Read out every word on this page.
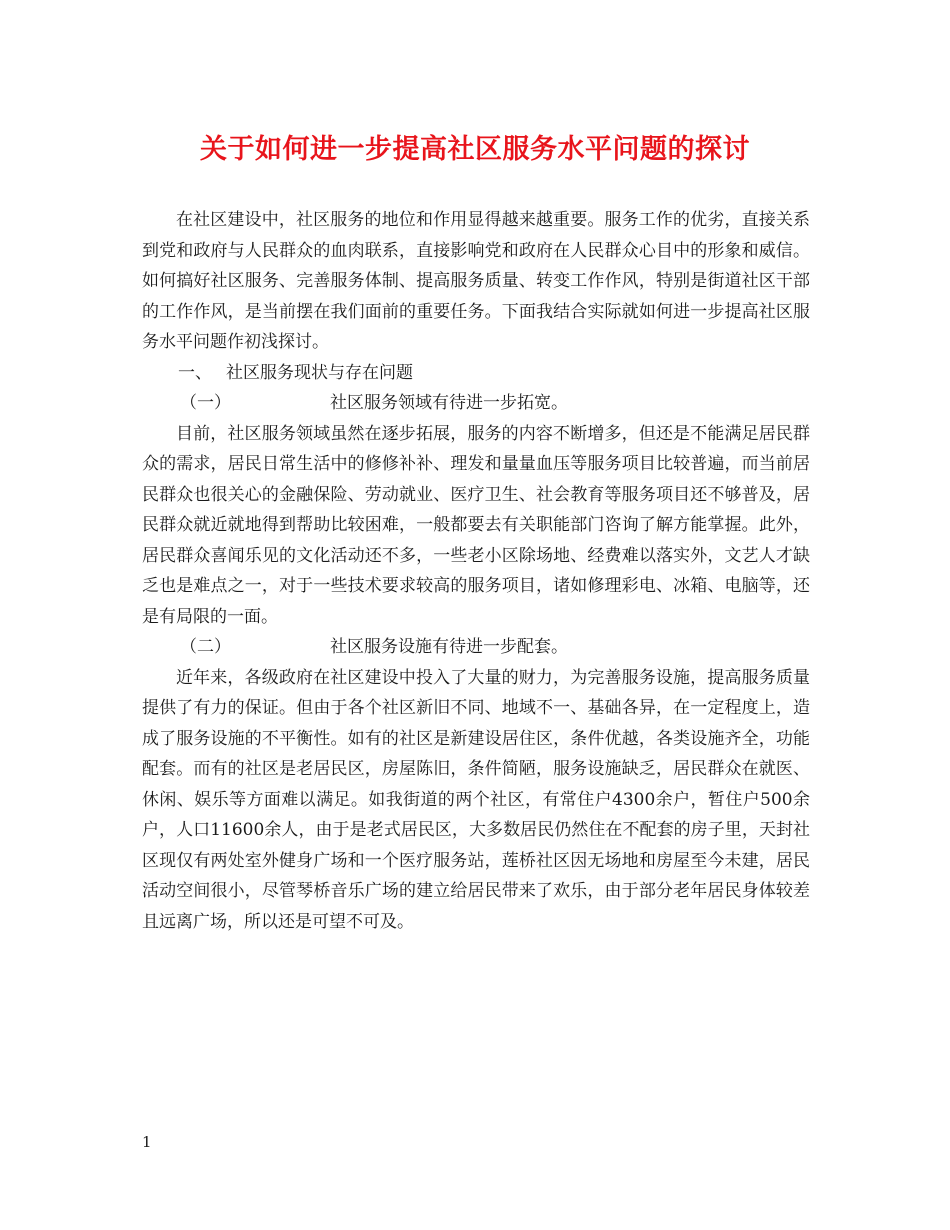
关于如何进一步提高社区服务水平问题的探讨

在社区建设中，社区服务的地位和作用显得越来越重要。服务工作的优劣，直接关系到党和政府与人民群众的血肉联系，直接影响党和政府在人民群众心目中的形象和威信。如何搞好社区服务、完善服务体制、提高服务质量、转变工作作风，特别是街道社区干部的工作作风，是当前摆在我们面前的重要任务。下面我结合实际就如何进一步提高社区服务水平问题作初浅探讨。

一、 社区服务现状与存在问题

（一）	社区服务领域有待进一步拓宽。

目前，社区服务领域虽然在逐步拓展，服务的内容不断增多，但还是不能满足居民群众的需求，居民日常生活中的修修补补、理发和量量血压等服务项目比较普遍，而当前居民群众也很关心的金融保险、劳动就业、医疗卫生、社会教育等服务项目还不够普及，居民群众就近就地得到帮助比较困难，一般都要去有关职能部门咨询了解方能掌握。此外，居民群众喜闻乐见的文化活动还不多，一些老小区除场地、经费难以落实外，文艺人才缺乏也是难点之一，对于一些技术要求较高的服务项目，诸如修理彩电、冰箱、电脑等，还是有局限的一面。

（二）	社区服务设施有待进一步配套。

近年来，各级政府在社区建设中投入了大量的财力，为完善服务设施，提高服务质量提供了有力的保证。但由于各个社区新旧不同、地域不一、基础各异，在一定程度上，造成了服务设施的不平衡性。如有的社区是新建设居住区，条件优越，各类设施齐全，功能配套。而有的社区是老居民区，房屋陈旧，条件简陋，服务设施缺乏，居民群众在就医、休闲、娱乐等方面难以满足。如我街道的两个社区，有常住户4300余户，暂住户500余户，人口11600余人，由于是老式居民区，大多数居民仍然住在不配套的房子里，天封社区现仅有两处室外健身广场和一个医疗服务站，莲桥社区因无场地和房屋至今未建，居民活动空间很小，尽管琴桥音乐广场的建立给居民带来了欢乐，由于部分老年居民身体较差且远离广场，所以还是可望不可及。

1
